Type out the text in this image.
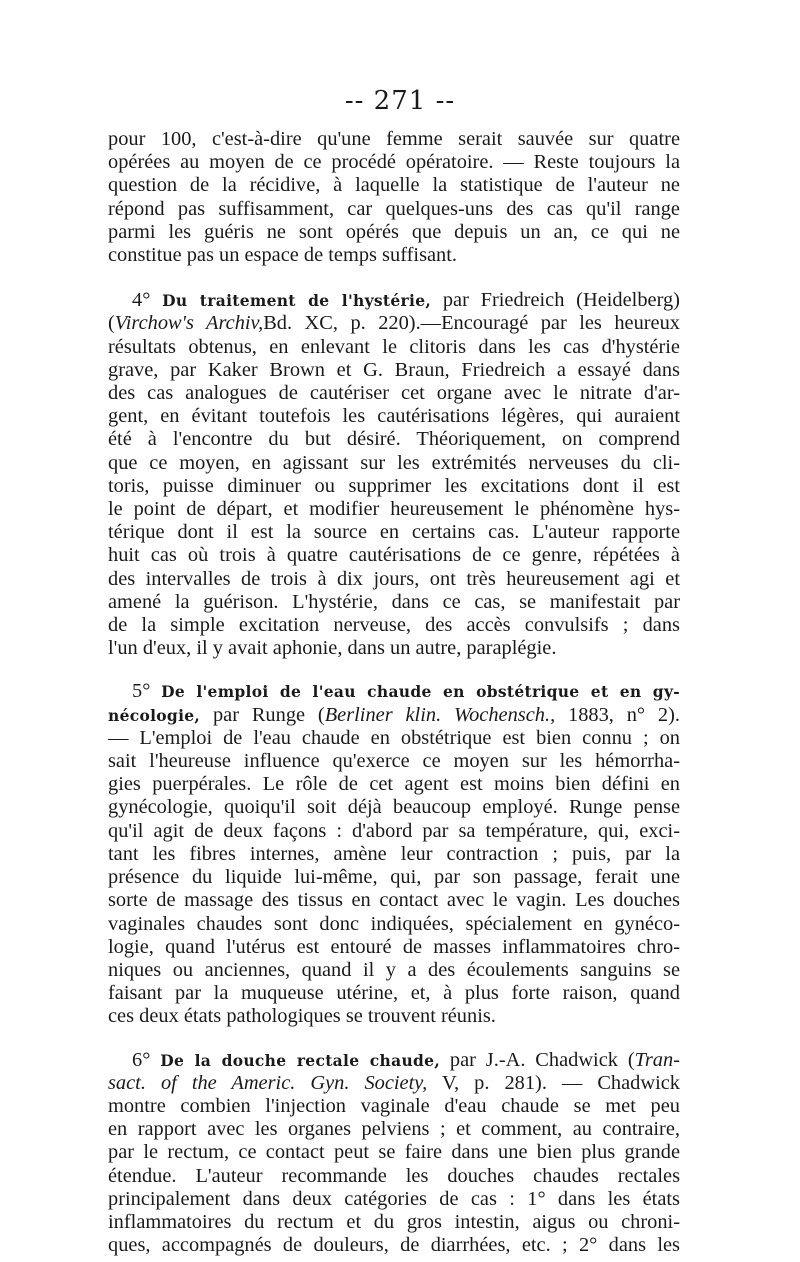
-- 271 --
pour 100, c'est-à-dire qu'une femme serait sauvée sur quatre
opérées au moyen de ce procédé opératoire. — Reste toujours la
question de la récidive, à laquelle la statistique de l'auteur ne
répond pas suffisamment, car quelques-uns des cas qu'il range
parmi les guéris ne sont opérés que depuis un an, ce qui ne
constitue pas un espace de temps suffisant.
4° Du traitement de l'hystérie, par Friedreich (Heidelberg)
(Virchow's Archiv,Bd. XC, p. 220).—Encouragé par les heureux
résultats obtenus, en enlevant le clitoris dans les cas d'hystérie
grave, par Kaker Brown et G. Braun, Friedreich a essayé dans
des cas analogues de cautériser cet organe avec le nitrate d'ar-
gent, en évitant toutefois les cautérisations légères, qui auraient
été à l'encontre du but désiré. Théoriquement, on comprend
que ce moyen, en agissant sur les extrémités nerveuses du cli-
toris, puisse diminuer ou supprimer les excitations dont il est
le point de départ, et modifier heureusement le phénomène hys-
térique dont il est la source en certains cas. L'auteur rapporte
huit cas où trois à quatre cautérisations de ce genre, répétées à
des intervalles de trois à dix jours, ont très heureusement agi et
amené la guérison. L'hystérie, dans ce cas, se manifestait par
de la simple excitation nerveuse, des accès convulsifs ; dans
l'un d'eux, il y avait aphonie, dans un autre, paraplégie.
5° De l'emploi de l'eau chaude en obstétrique et en gy-
nécologie, par Runge (Berliner klin. Wochensch., 1883, n° 2).
— L'emploi de l'eau chaude en obstétrique est bien connu ; on
sait l'heureuse influence qu'exerce ce moyen sur les hémorrha-
gies puerpérales. Le rôle de cet agent est moins bien défini en
gynécologie, quoiqu'il soit déjà beaucoup employé. Runge pense
qu'il agit de deux façons : d'abord par sa température, qui, exci-
tant les fibres internes, amène leur contraction ; puis, par la
présence du liquide lui-même, qui, par son passage, ferait une
sorte de massage des tissus en contact avec le vagin. Les douches
vaginales chaudes sont donc indiquées, spécialement en gynéco-
logie, quand l'utérus est entouré de masses inflammatoires chro-
niques ou anciennes, quand il y a des écoulements sanguins se
faisant par la muqueuse utérine, et, à plus forte raison, quand
ces deux états pathologiques se trouvent réunis.
6° De la douche rectale chaude, par J.-A. Chadwick (Tran-
sact. of the Americ. Gyn. Society, V, p. 281). — Chadwick
montre combien l'injection vaginale d'eau chaude se met peu
en rapport avec les organes pelviens ; et comment, au contraire,
par le rectum, ce contact peut se faire dans une bien plus grande
étendue. L'auteur recommande les douches chaudes rectales
principalement dans deux catégories de cas : 1° dans les états
inflammatoires du rectum et du gros intestin, aigus ou chroni-
ques, accompagnés de douleurs, de diarrhées, etc. ; 2° dans les
